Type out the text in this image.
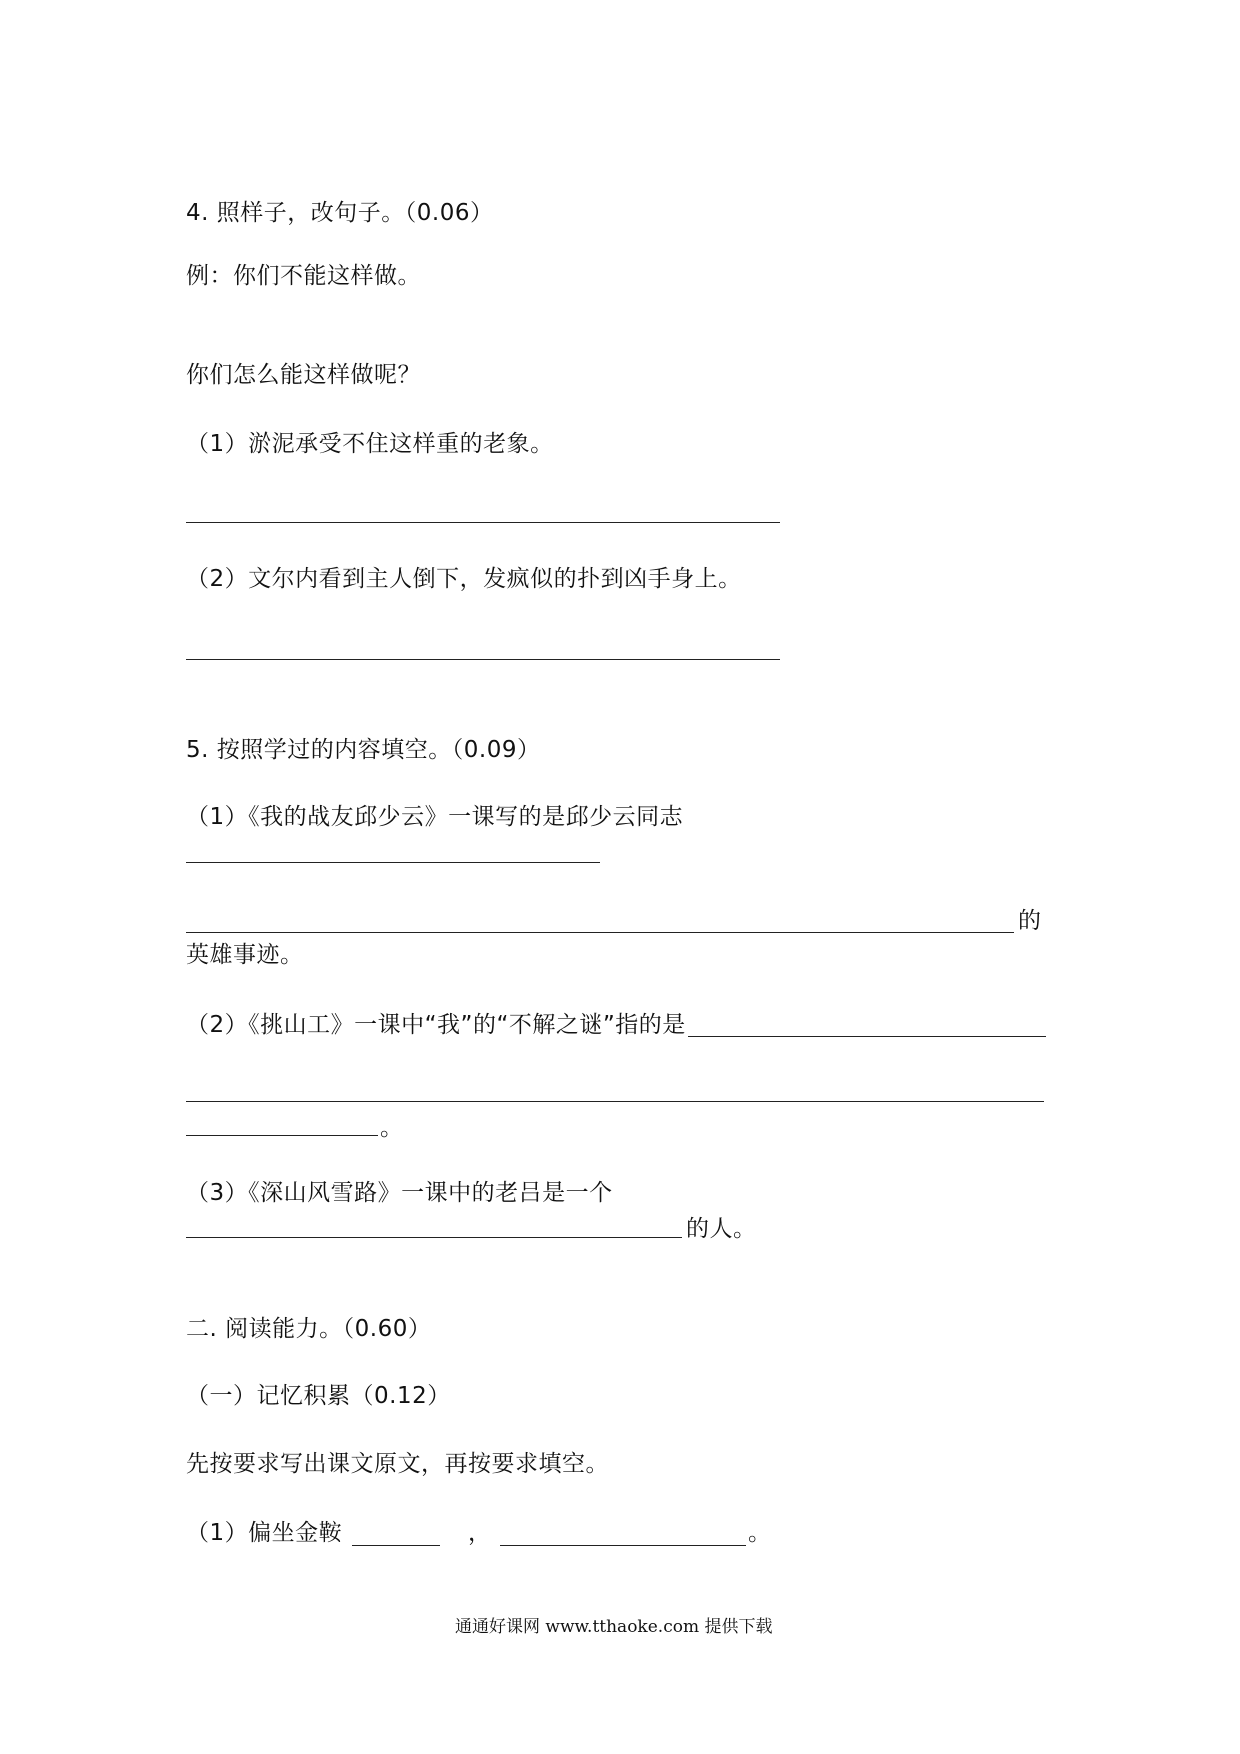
4. 照样子，改句子。（0.06）
例：你们不能这样做。
你们怎么能这样做呢？
（1）淤泥承受不住这样重的老象。
（2）文尔内看到主人倒下，发疯似的扑到凶手身上。
5. 按照学过的内容填空。（0.09）
（1）《我的战友邱少云》一课写的是邱少云同志
的
英雄事迹。
（2）《挑山工》一课中“我”的“不解之谜”指的是
。
（3）《深山风雪路》一课中的老吕是一个
的人。
二. 阅读能力。（0.60）
（一）记忆积累（0.12）
先按要求写出课文原文，再按要求填空。
（1）偏坐金鞍	，	。
通通好课网 www.tthaoke.com 提供下载
